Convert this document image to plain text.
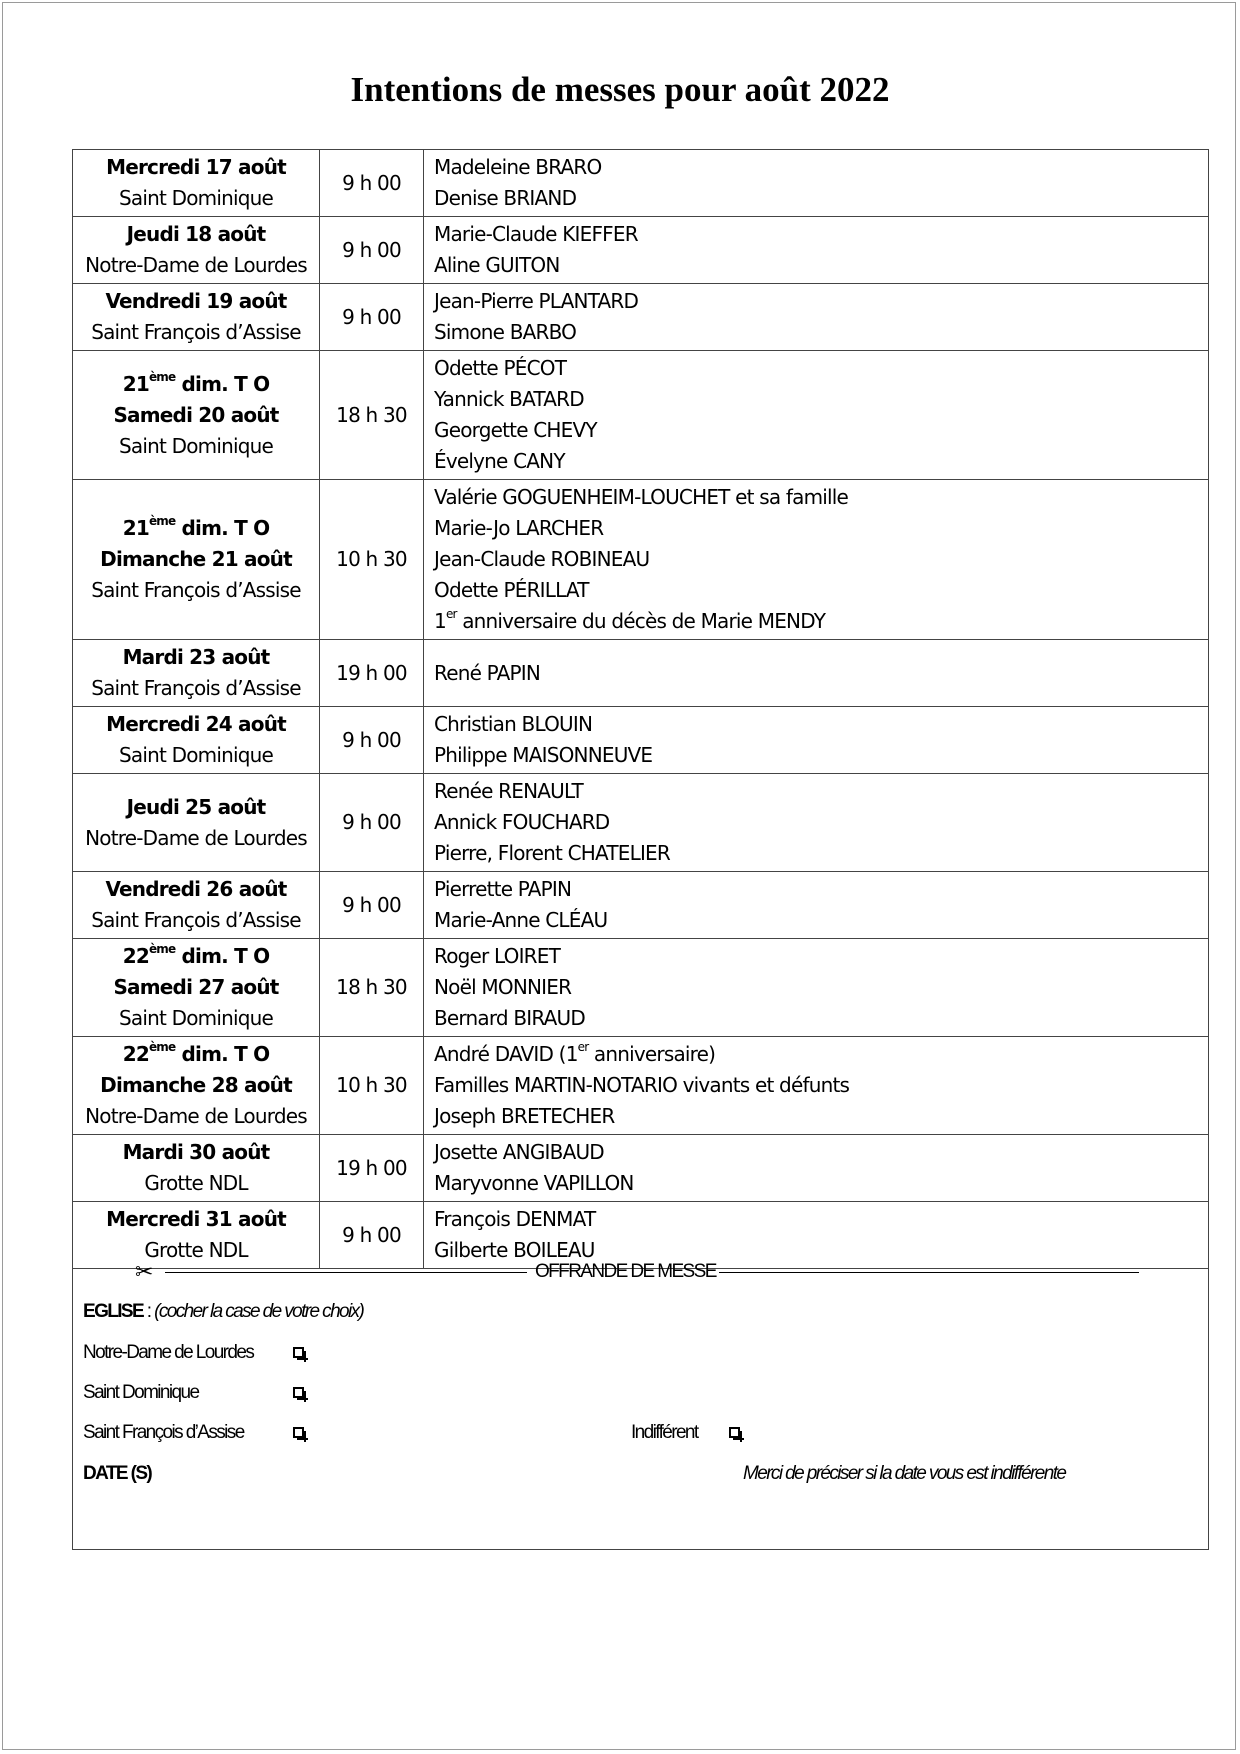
Intentions de messes pour août 2022
Mercredi 17 août
Saint Dominique	9 h 00	Madeleine BRARO
Denise BRIAND

Jeudi 18 août
Notre-Dame de Lourdes	9 h 00	Marie-Claude KIEFFER
Aline GUITON

Vendredi 19 août
Saint François d’Assise	9 h 00	Jean-Pierre PLANTARD
Simone BARBO

21ème dim. T O
Samedi 20 août
Saint Dominique	18 h 30	Odette PÉCOT
Yannick BATARD
Georgette CHEVY
Évelyne CANY

21ème dim. T O
Dimanche 21 août
Saint François d’Assise	10 h 30	Valérie GOGUENHEIM-LOUCHET et sa famille
Marie-Jo LARCHER
Jean-Claude ROBINEAU
Odette PÉRILLAT
1er anniversaire du décès de Marie MENDY

Mardi 23 août
Saint François d’Assise	19 h 00	René PAPIN

Mercredi 24 août
Saint Dominique	9 h 00	Christian BLOUIN
Philippe MAISONNEUVE

Jeudi 25 août
Notre-Dame de Lourdes	9 h 00	Renée RENAULT
Annick FOUCHARD
Pierre, Florent CHATELIER

Vendredi 26 août
Saint François d’Assise	9 h 00	Pierrette PAPIN
Marie-Anne CLÉAU

22ème dim. T O
Samedi 27 août
Saint Dominique	18 h 30	Roger LOIRET
Noël MONNIER
Bernard BIRAUD

22ème dim. T O
Dimanche 28 août
Notre-Dame de Lourdes	10 h 30	André DAVID (1er anniversaire)
Familles MARTIN-NOTARIO vivants et défunts
Joseph BRETECHER

Mardi 30 août
Grotte NDL	19 h 00	Josette ANGIBAUD
Maryvonne VAPILLON

Mercredi 31 août
Grotte NDL	9 h 00	François DENMAT
Gilberte BOILEAU
✂	OFFRANDE DE MESSE
EGLISE : (cocher la case de votre choix)
Notre-Dame de Lourdes
Saint Dominique
Saint François d’Assise	Indifférent
DATE (S)	Merci de préciser si la date vous est indifférente
